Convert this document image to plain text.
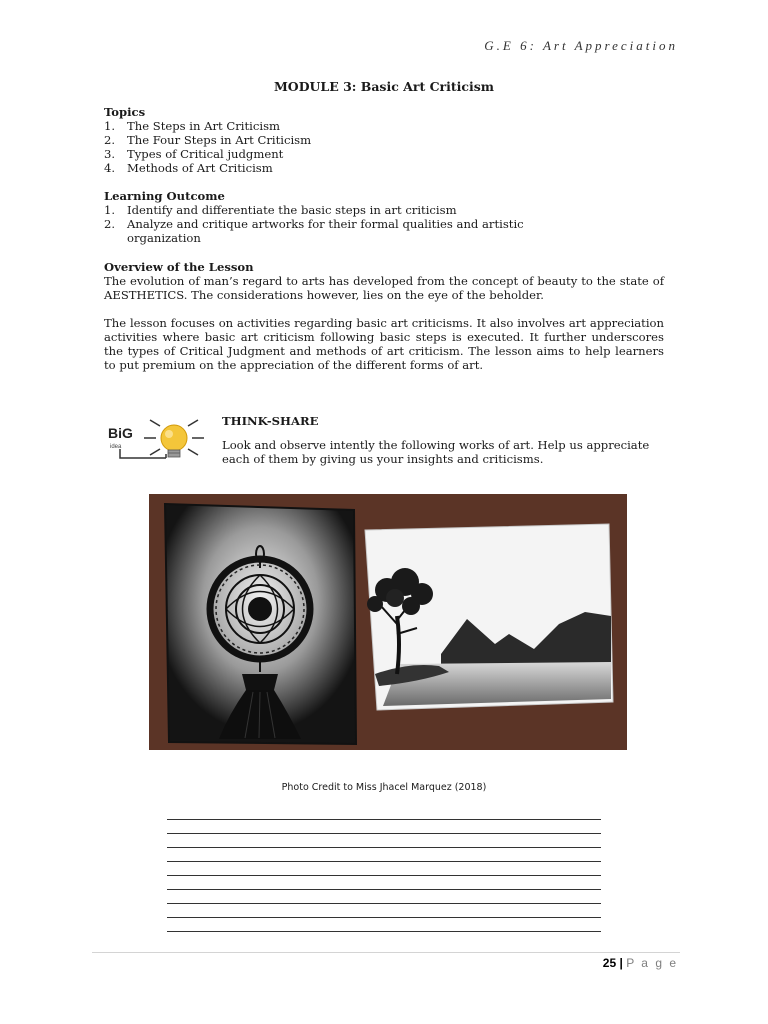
G.E 6: Art Appreciation
MODULE 3: Basic Art Criticism
Topics
1.	The Steps in Art Criticism
2.	The Four Steps in Art Criticism
3.	Types of Critical judgment
4.	Methods of Art Criticism
Learning Outcome
1.	Identify and differentiate the basic steps in art criticism
2.	Analyze and critique artworks for their formal qualities and artistic organization
Overview of the Lesson
The evolution of man’s regard to arts has developed from the concept of beauty to the state of AESTHETICS. The considerations however, lies on the eye of the beholder.
The lesson focuses on activities regarding basic art criticisms. It also involves art appreciation activities where basic art criticism following basic steps is executed. It further underscores the types of Critical Judgment and methods of art criticism. The lesson aims to help learners to put premium on the appreciation of the different forms of art.
BiG
idea
THINK-SHARE
Look and observe intently the following works of art. Help us appreciate each of them by giving us your insights and criticisms.
Photo Credit to Miss Jhacel Marquez (2018)
25 | P a g e
